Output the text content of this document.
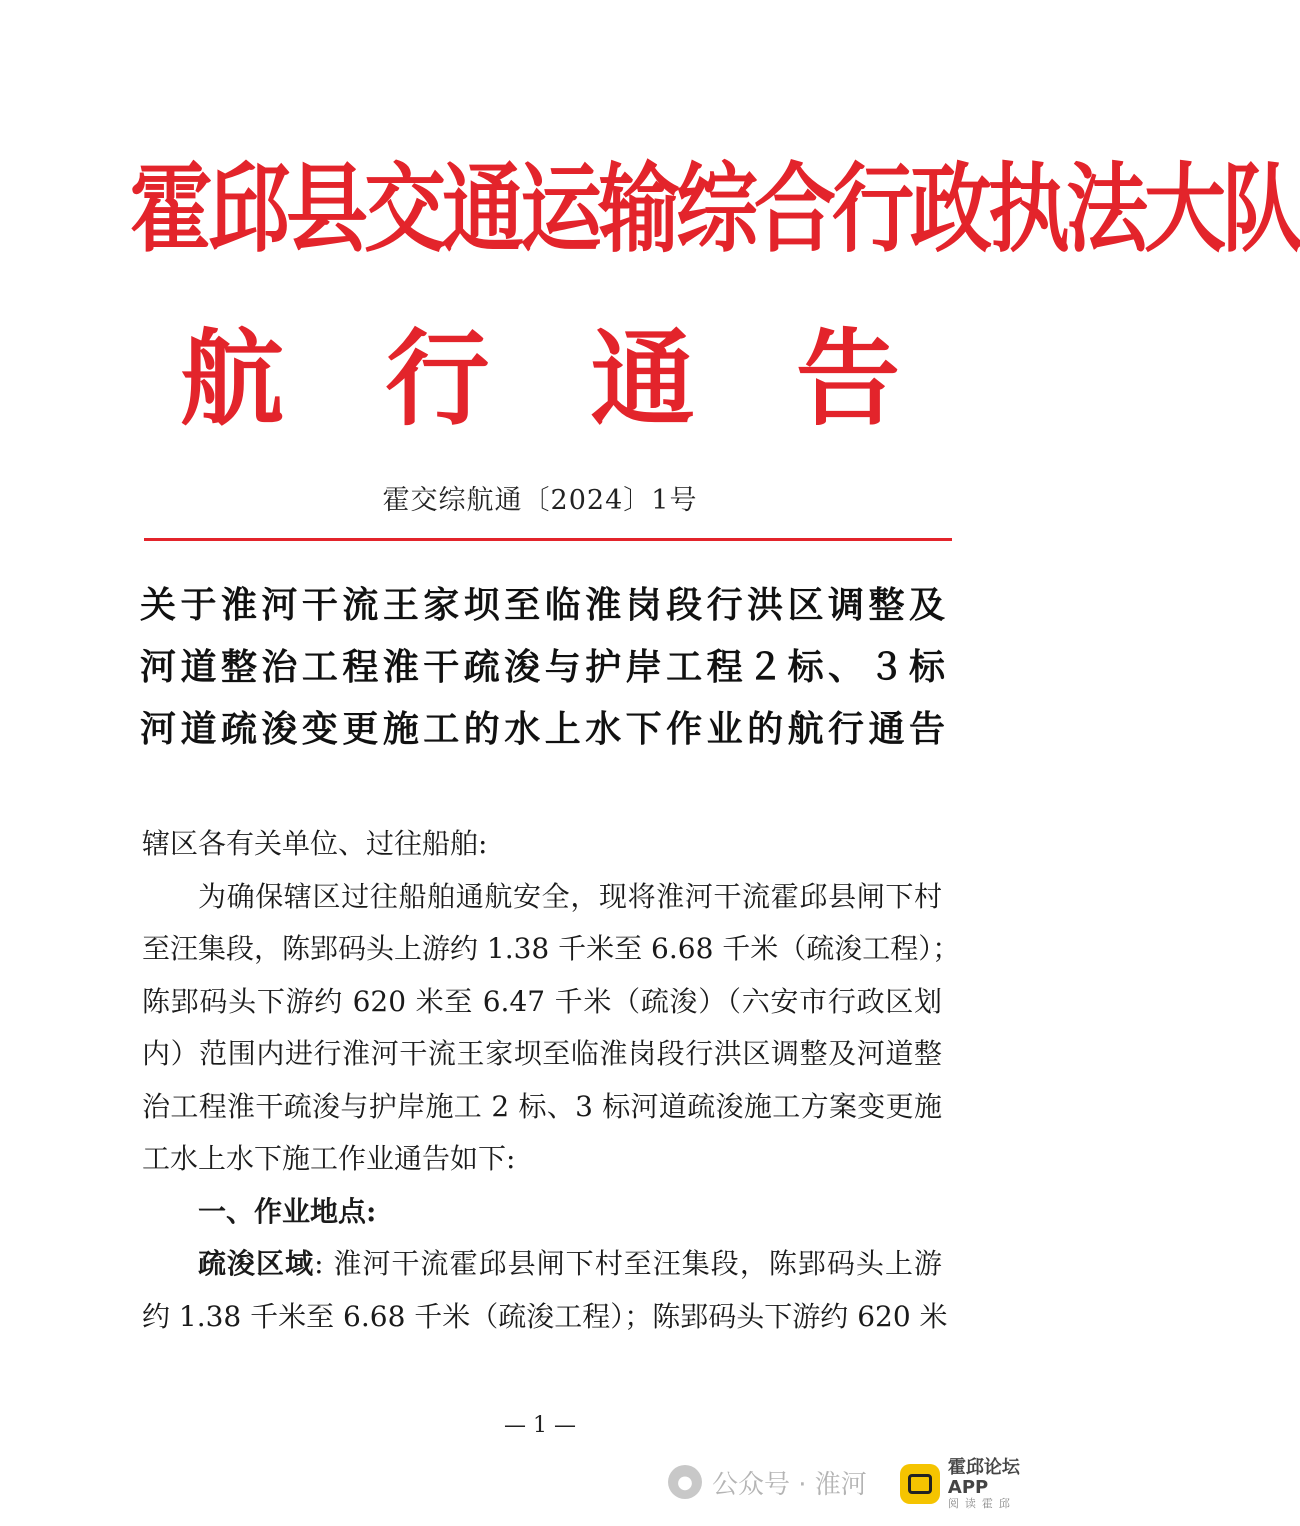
霍邱县交通运输综合行政执法大队
航 行 通 告
霍交综航通〔2024〕1号
关于淮河干流王家坝至临淮岗段行洪区调整及
河道整治工程淮干疏浚与护岸工程２标、３标
河道疏浚变更施工的水上水下作业的航行通告
辖区各有关单位、过往船舶:
为确保辖区过往船舶通航安全，现将淮河干流霍邱县闸下村
至汪集段，陈郢码头上游约 1.38 千米至 6.68 千米（疏浚工程）；
陈郢码头下游约 620 米至 6.47 千米（疏浚）（六安市行政区划
内）范围内进行淮河干流王家坝至临淮岗段行洪区调整及河道整
治工程淮干疏浚与护岸施工 2 标、3 标河道疏浚施工方案变更施
工水上水下施工作业通告如下:
一、作业地点:
疏浚区域: 淮河干流霍邱县闸下村至汪集段，陈郢码头上游
约 1.38 千米至 6.68 千米（疏浚工程）；陈郢码头下游约 620 米
— 1 —
● 公众号 · 淮河
霍邱论坛APP
阅读霍邱
